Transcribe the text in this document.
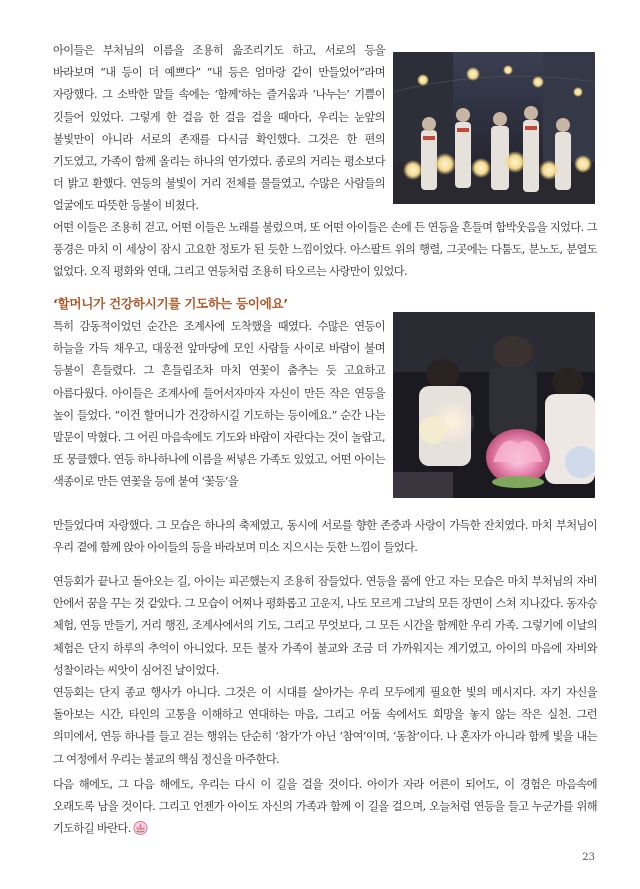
아이들은 부처님의 이름을 조용히 읊조리기도 하고, 서로의 등을 바라보며 “내 등이 더 예쁘다” “내 등은 엄마랑 같이 만들었어”라며 자랑했다. 그 소박한 말들 속에는 ‘함께’하는 즐거움과 ‘나누는’ 기쁨이 깃들어 있었다. 그렇게 한 걸음 한 걸음 걸을 때마다, 우리는 눈앞의 불빛만이 아니라 서로의 존재를 다시금 확인했다. 그것은 한 편의 기도였고, 가족이 함께 올리는 하나의 연가였다. 종로의 거리는 평소보다 더 밝고 환했다. 연등의 불빛이 거리 전체를 물들였고, 수많은 사람들의 얼굴에도 따뜻한 등불이 비쳤다.

어떤 이들은 조용히 걷고, 어떤 이들은 노래를 불렀으며, 또 어떤 아이들은 손에 든 연등을 흔들며 함박웃음을 지었다. 그 풍경은 마치 이 세상이 잠시 고요한 정토가 된 듯한 느낌이었다. 아스팔트 위의 행렬, 그곳에는 다툼도, 분노도, 분열도 없었다. 오직 평화와 연대, 그리고 연등처럼 조용히 타오르는 사랑만이 있었다.

‘할머니가 건강하시기를 기도하는 등이에요’

특히 감동적이었던 순간은 조계사에 도착했을 때였다. 수많은 연등이 하늘을 가득 채우고, 대웅전 앞마당에 모인 사람들 사이로 바람이 불며 등불이 흔들렸다. 그 흔들림조차 마치 연꽃이 춤추는 듯 고요하고 아름다웠다. 아이들은 조계사에 들어서자마자 자신이 만든 작은 연등을 높이 들었다. “이건 할머니가 건강하시길 기도하는 등이에요.” 순간 나는 말문이 막혔다. 그 어린 마음속에도 기도와 바람이 자란다는 것이 놀랍고, 또 뭉클했다. 연등 하나하나에 이름을 써넣은 가족도 있었고, 어떤 아이는 색종이로 만든 연꽃을 등에 붙여 ‘꽃등’을

만들었다며 자랑했다. 그 모습은 하나의 축제였고, 동시에 서로를 향한 존중과 사랑이 가득한 잔치였다. 마치 부처님이 우리 곁에 함께 앉아 아이들의 등을 바라보며 미소 지으시는 듯한 느낌이 들었다.

연등회가 끝나고 돌아오는 길, 아이는 피곤했는지 조용히 잠들었다. 연등을 품에 안고 자는 모습은 마치 부처님의 자비 안에서 꿈을 꾸는 것 같았다. 그 모습이 어찌나 평화롭고 고운지, 나도 모르게 그날의 모든 장면이 스쳐 지나갔다. 동자승 체험, 연등 만들기, 거리 행진, 조계사에서의 기도, 그리고 무엇보다, 그 모든 시간을 함께한 우리 가족. 그렇기에 이날의 체험은 단지 하루의 추억이 아니었다. 모든 불자 가족이 불교와 조금 더 가까워지는 계기였고, 아이의 마음에 자비와 성찰이라는 씨앗이 심어진 날이었다.

연등회는 단지 종교 행사가 아니다. 그것은 이 시대를 살아가는 우리 모두에게 필요한 빛의 메시지다. 자기 자신을 돌아보는 시간, 타인의 고통을 이해하고 연대하는 마음, 그리고 어둠 속에서도 희망을 놓지 않는 작은 실천. 그런 의미에서, 연등 하나를 들고 걷는 행위는 단순히 ‘참가’가 아닌 ‘참여’이며, ‘동참’이다. 나 혼자가 아니라 함께 빛을 내는 그 여정에서 우리는 불교의 핵심 정신을 마주한다.

다음 해에도, 그 다음 해에도, 우리는 다시 이 길을 걸을 것이다. 아이가 자라 어른이 되어도, 이 경험은 마음속에 오래도록 남을 것이다. 그리고 언젠가 아이도 자신의 가족과 함께 이 길을 걸으며, 오늘처럼 연등을 들고 누군가를 위해 기도하길 바란다.

23
